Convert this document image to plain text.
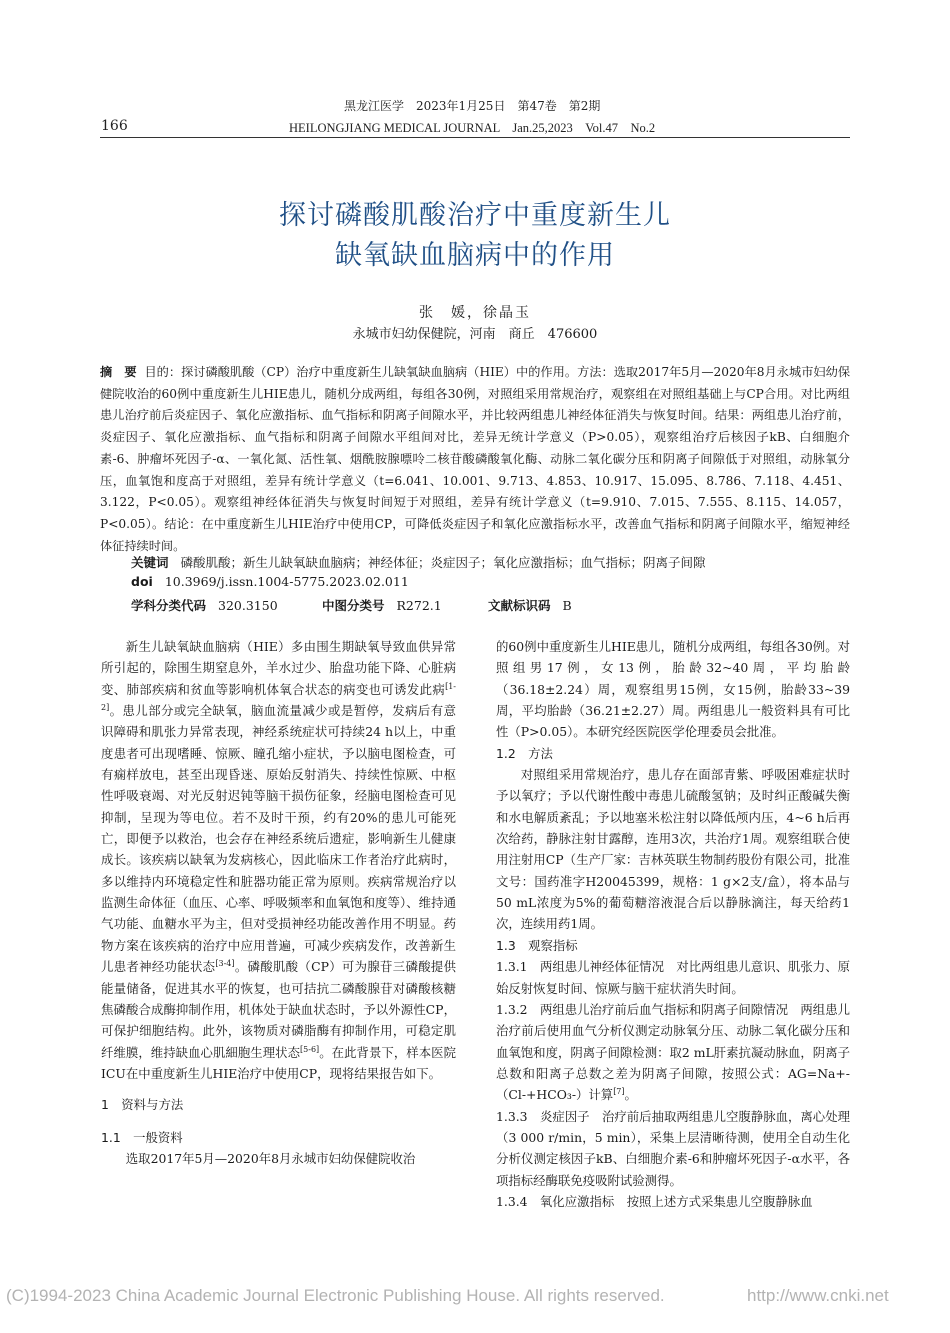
黑龙江医学　2023年1月25日　第47卷　第2期
166	HEILONGJIANG MEDICAL JOURNAL　Jan.25,2023　Vol.47　No.2
探讨磷酸肌酸治疗中重度新生儿
缺氧缺血脑病中的作用
张　媛，徐晶玉
永城市妇幼保健院，河南　商丘　476600
摘　要 目的：探讨磷酸肌酸（CP）治疗中重度新生儿缺氧缺血脑病（HIE）中的作用。方法：选取2017年5月—2020年8月永城市妇幼保健院收治的60例中重度新生儿HIE患儿，随机分成两组，每组各30例，对照组采用常规治疗，观察组在对照组基础上与CP合用。对比两组患儿治疗前后炎症因子、氧化应激指标、血气指标和阴离子间隙水平，并比较两组患儿神经体征消失与恢复时间。结果：两组患儿治疗前，炎症因子、氧化应激指标、血气指标和阴离子间隙水平组间对比，差异无统计学意义（P>0.05），观察组治疗后核因子kB、白细胞介素-6、肿瘤坏死因子-α、一氧化氮、活性氧、烟酰胺腺嘌呤二核苷酸磷酸氧化酶、动脉二氧化碳分压和阴离子间隙低于对照组，动脉氧分压，血氧饱和度高于对照组，差异有统计学意义（t=6.041、10.001、9.713、4.853、10.917、15.095、8.786、7.118、4.451、3.122，P<0.05）。观察组神经体征消失与恢复时间短于对照组，差异有统计学意义（t=9.910、7.015、7.555、8.115、14.057，P<0.05）。结论：在中重度新生儿HIE治疗中使用CP，可降低炎症因子和氧化应激指标水平，改善血气指标和阴离子间隙水平，缩短神经体征持续时间。
关键词 磷酸肌酸；新生儿缺氧缺血脑病；神经体征；炎症因子；氧化应激指标；血气指标；阴离子间隙
doi 10.3969/j.issn.1004-5775.2023.02.011
学科分类代码 320.3150	中图分类号 R272.1	文献标识码 B

新生儿缺氧缺血脑病（HIE）多由围生期缺氧导致血供异常所引起的，除围生期窒息外，羊水过少、胎盘功能下降、心脏病变、肺部疾病和贫血等影响机体氧合状态的病变也可诱发此病[1-2]。患儿部分或完全缺氧，脑血流量减少或是暂停，发病后有意识障碍和肌张力异常表现，神经系统症状可持续24 h以上，中重度患者可出现嗜睡、惊厥、瞳孔缩小症状，予以脑电图检查，可有痫样放电，甚至出现昏迷、原始反射消失、持续性惊厥、中枢性呼吸衰竭、对光反射迟钝等脑干损伤征象，经脑电图检查可见抑制，呈现为等电位。若不及时干预，约有20%的患儿可能死亡，即便予以救治，也会存在神经系统后遗症，影响新生儿健康成长。该疾病以缺氧为发病核心，因此临床工作者治疗此病时，多以维持内环境稳定性和脏器功能正常为原则。疾病常规治疗以监测生命体征（血压、心率、呼吸频率和血氧饱和度等）、维持通气功能、血糖水平为主，但对受损神经功能改善作用不明显。药物方案在该疾病的治疗中应用普遍，可减少疾病发作，改善新生儿患者神经功能状态[3-4]。磷酸肌酸（CP）可为腺苷三磷酸提供能量储备，促进其水平的恢复，也可拮抗二磷酸腺苷对磷酸核糖焦磷酸合成酶抑制作用，机体处于缺血状态时，予以外源性CP，可保护细胞结构。此外，该物质对磷脂酶有抑制作用，可稳定肌纤维膜，维持缺血心肌細胞生理状态[5-6]。在此背景下，样本医院ICU在中重度新生儿HIE治疗中使用CP，现将结果报告如下。

1　资料与方法
1.1　一般资料

选取2017年5月—2020年8月永城市妇幼保健院收治

的60例中重度新生儿HIE患儿，随机分成两组，每组各30例。对照组男17例，女13例，胎龄32~40周，平均胎龄（36.18±2.24）周，观察组男15例，女15例，胎龄33~39周，平均胎龄（36.21±2.27）周。两组患儿一般资料具有可比性（P>0.05）。本研究经医院医学伦理委员会批准。

1.2　方法

对照组采用常规治疗，患儿存在面部青紫、呼吸困难症状时予以氧疗；予以代谢性酸中毒患儿硫酸氢钠；及时纠正酸碱失衡和水电解质紊乱；予以地塞米松注射以降低颅内压，4~6 h后再次给药，静脉注射甘露醇，连用3次，共治疗1周。观察组联合使用注射用CP（生产厂家：吉林英联生物制药股份有限公司，批准文号：国药准字H20045399，规格：1 g×2支/盒），将本品与50 mL浓度为5%的葡萄糖溶液混合后以静脉滴注，每天给药1次，连续用药1周。

1.3　观察指标

1.3.1　两组患儿神经体征情况　对比两组患儿意识、肌张力、原始反射恢复时间、惊厥与脑干症状消失时间。

1.3.2　两组患儿治疗前后血气指标和阴离子间隙情况　两组患儿治疗前后使用血气分析仪测定动脉氧分压、动脉二氧化碳分压和血氧饱和度，阴离子间隙检测：取2 mL肝素抗凝动脉血，阴离子总数和阳离子总数之差为阴离子间隙，按照公式：AG=Na+-（Cl-+HCO₃-）计算[7]。

1.3.3　炎症因子　治疗前后抽取两组患儿空腹静脉血，离心处理（3 000 r/min，5 min），采集上层清晰待测，使用全自动生化分析仪测定核因子kB、白细胞介素-6和肿瘤坏死因子-α水平，各项指标经酶联免疫吸附试验测得。

1.3.4　氧化应激指标　按照上述方式采集患儿空腹静脉血

(C)1994-2023 China Academic Journal Electronic Publishing House. All rights reserved.	http://www.cnki.net
